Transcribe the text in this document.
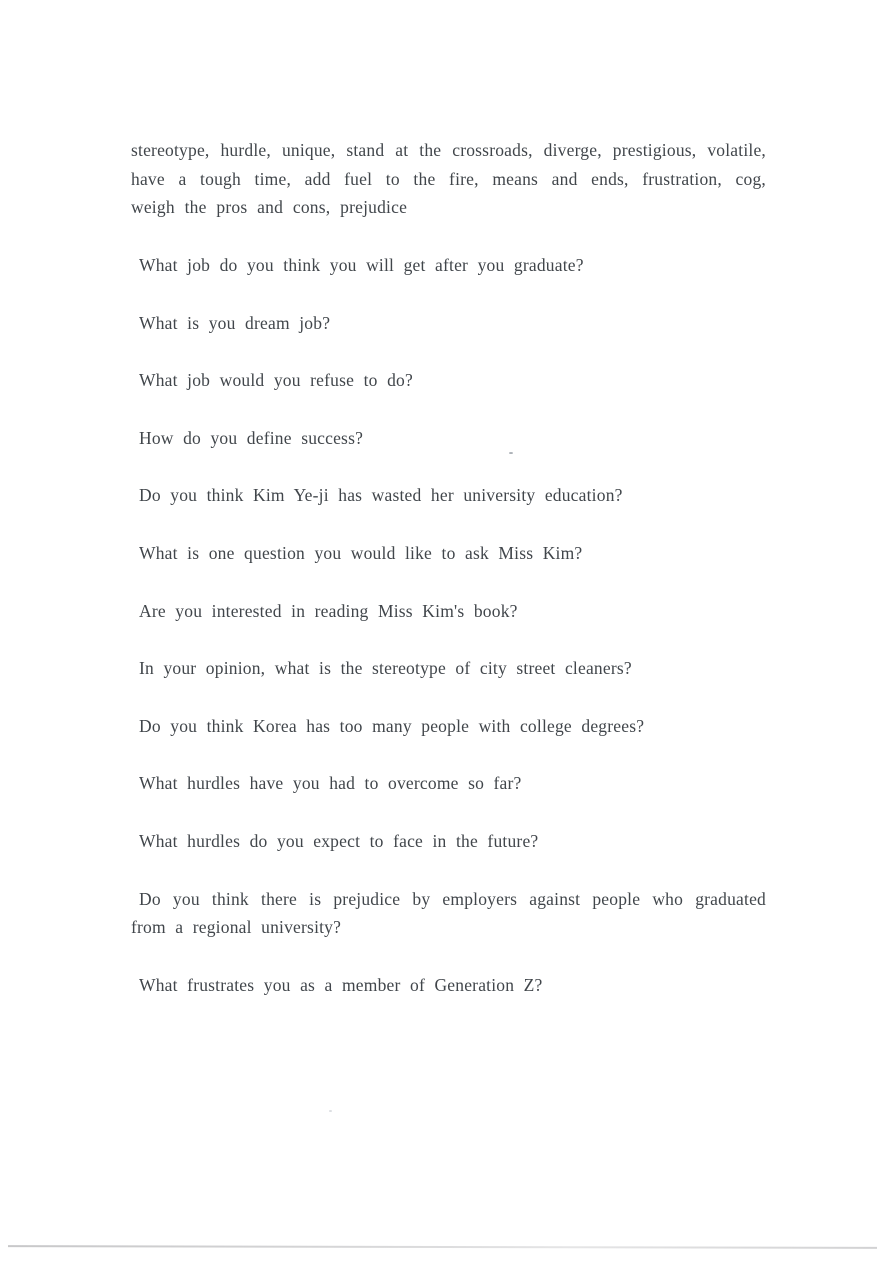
stereotype, hurdle, unique, stand at the crossroads, diverge, prestigious, volatile, have a tough time, add fuel to the fire, means and ends, frustration, cog, weigh the pros and cons, prejudice

What job do you think you will get after you graduate?

What is you dream job?

What job would you refuse to do?

How do you define success?

Do you think Kim Ye-ji has wasted her university education?

What is one question you would like to ask Miss Kim?

Are you interested in reading Miss Kim's book?

In your opinion, what is the stereotype of city street cleaners?

Do you think Korea has too many people with college degrees?

What hurdles have you had to overcome so far?

What hurdles do you expect to face in the future?

Do you think there is prejudice by employers against people who graduated from a regional university?

What frustrates you as a member of Generation Z?
